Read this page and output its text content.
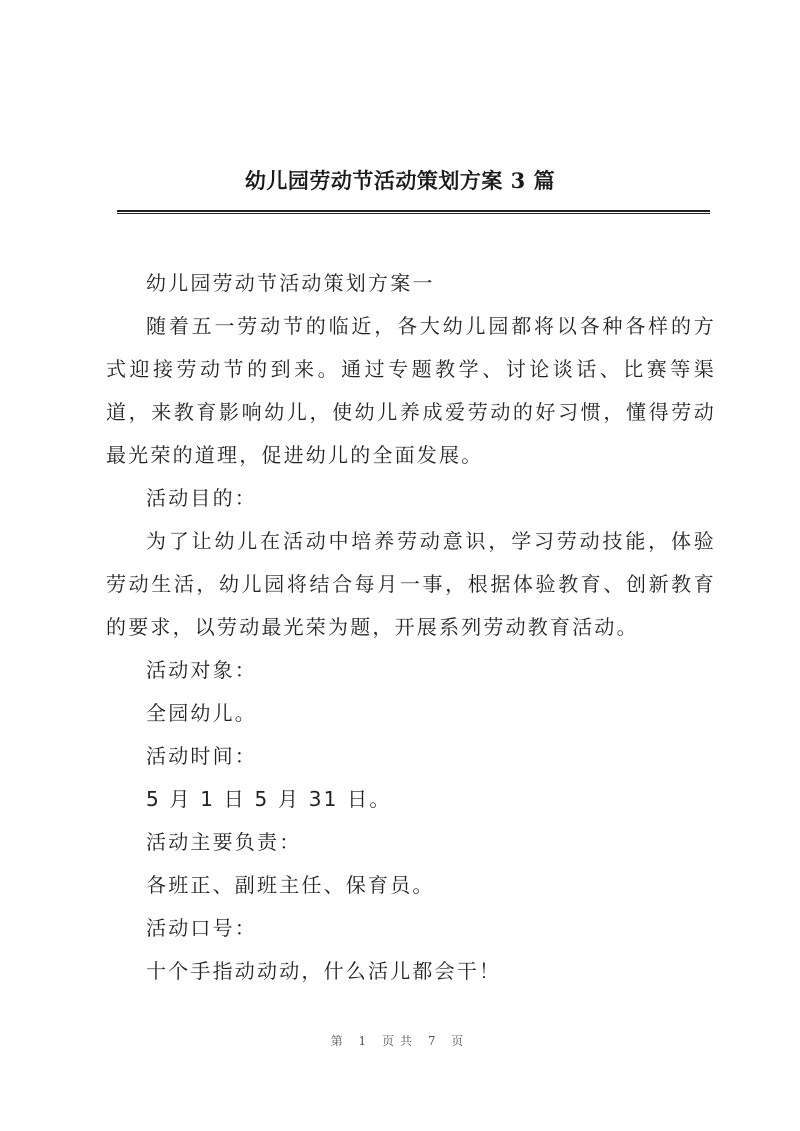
幼儿园劳动节活动策划方案 3 篇

幼儿园劳动节活动策划方案一

随着五一劳动节的临近，各大幼儿园都将以各种各样的方式迎接劳动节的到来。通过专题教学、讨论谈话、比赛等渠道，来教育影响幼儿，使幼儿养成爱劳动的好习惯，懂得劳动最光荣的道理，促进幼儿的全面发展。

活动目的：

为了让幼儿在活动中培养劳动意识，学习劳动技能，体验劳动生活，幼儿园将结合每月一事，根据体验教育、创新教育的要求，以劳动最光荣为题，开展系列劳动教育活动。

活动对象：

全园幼儿。

活动时间：

5 月 1 日 5 月 31 日。

活动主要负责：

各班正、副班主任、保育员。

活动口号：

十个手指动动动，什么活儿都会干！

第 1 页共 7 页
